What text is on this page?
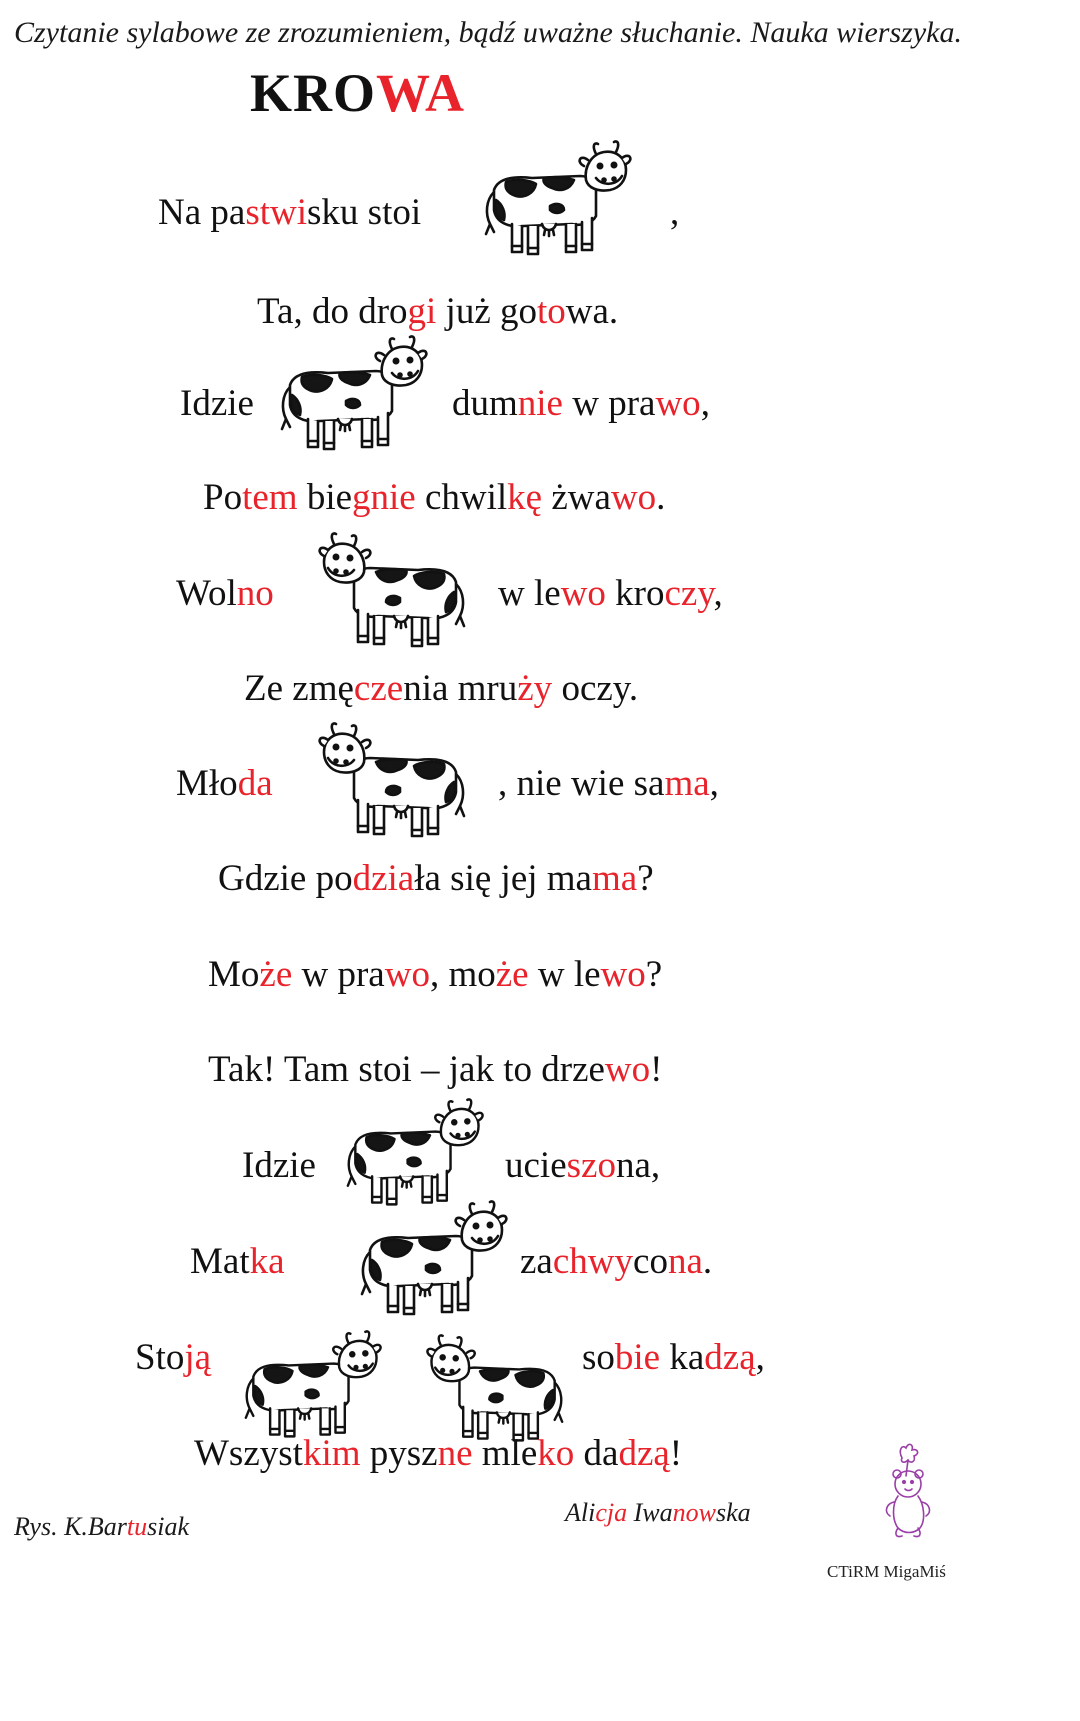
Czytanie sylabowe ze zrozumieniem, bądź uważne słuchanie. Nauka wierszyka.
KROWA
Na pastwisku stoi	,
Ta, do drogi już gotowa.
Idzie	dumnie w prawo,
Potem biegnie chwilkę żwawo.
Wolno	w lewo kroczy,
Ze zmęczenia mruży oczy.
Młoda	, nie wie sama,
Gdzie podziała się jej mama?
Może w prawo, może w lewo?
Tak! Tam stoi – jak to drzewo!
Idzie	ucieszona,
Matka	zachwycona.
Stoją	sobie kadzą,
Wszystkim pyszne mleko dadzą!
Rys. K.Bartusiak	Alicja Iwanowska
CTiRM MigaMiś
